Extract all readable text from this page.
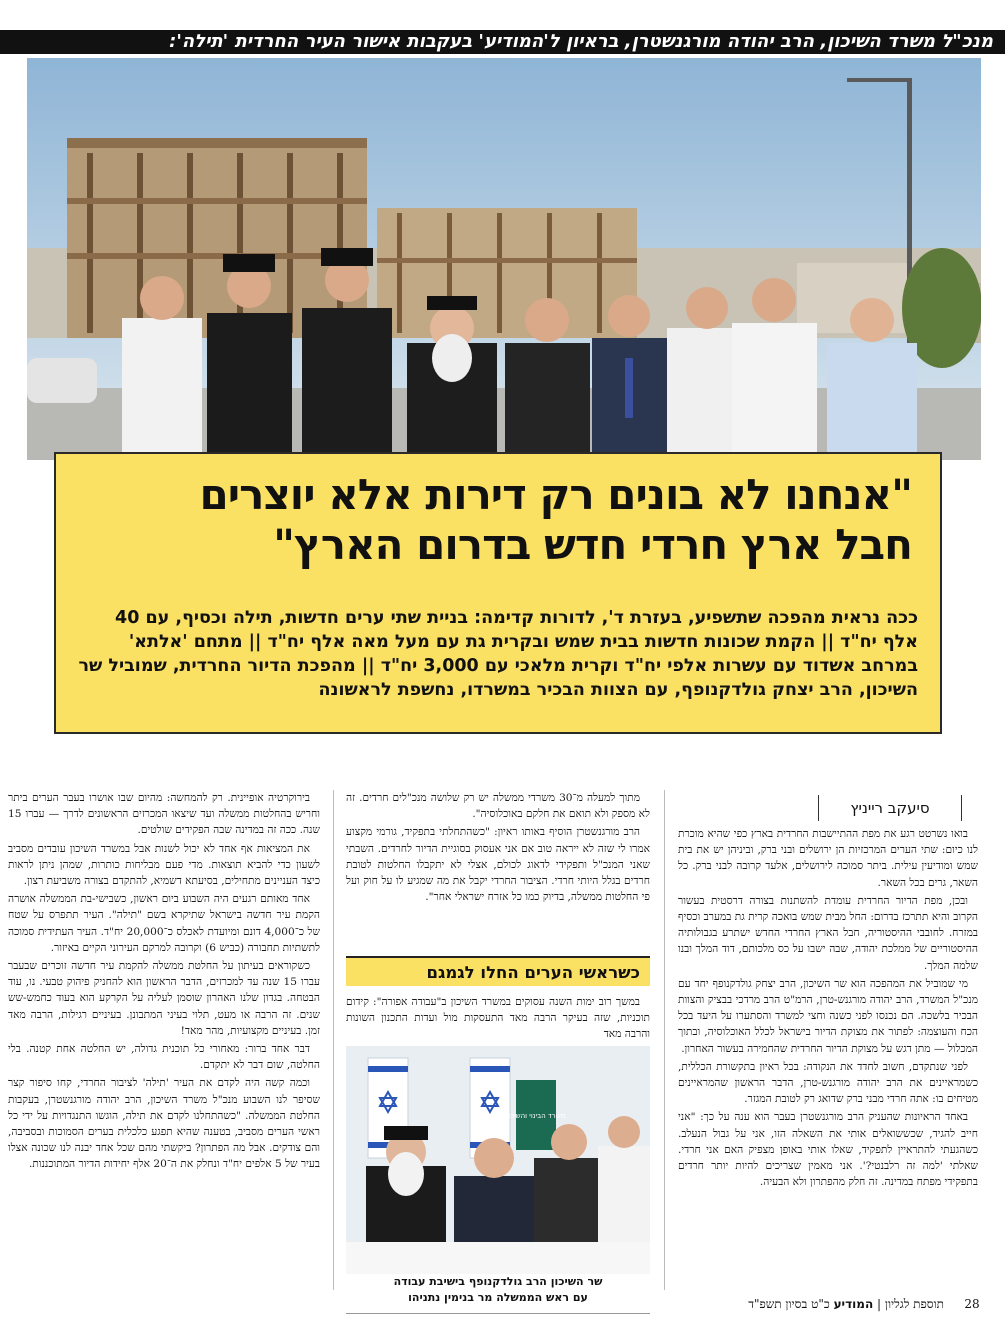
מנכ"ל משרד השיכון, הרב יהודה מורגנשטרן, בראיון ל'המודיע' בעקבות אישור העיר החרדית 'תילה':
"אנחנו לא בונים רק דירות אלא יוצרים
חבל ארץ חרדי חדש בדרום הארץ"
ככה נראית מהפכה שתשפיע, בעזרת ד', לדורות קדימה: בניית שתי ערים חדשות, תילה וכסיף, עם 40 אלף יח"ד || הקמת שכונות חדשות בבית שמש ובקרית גת עם מעל מאה אלף יח"ד || מתחם 'אלתא' במרחב אשדוד עם עשרות אלפי יח"ד וקרית מלאכי עם 3,000 יח"ד || מהפכת הדיור החרדית, שמוביל שר השיכון, הרב יצחק גולדקנופף, עם הצוות הבכיר במשרדו, נחשפת לראשונה
סיעקב רייניץ

בואו נשרטט רגע את מפת ההתיישבות החרדית בארץ כפי שהיא מוכרת לנו כיום: שתי הערים המרכזיות הן ירושלים ובני ברק, וביניהן יש את בית שמש ומודיעין עילית. ביתר סמוכה לירושלים, אלעד קרובה לבני ברק. כל השאר, גרים בכל השאר.

ובכן, מפת הדיור החרדית עומדת להשתנות בצורה דרסטית בעשור הקרוב והיא תתרכז בדרום: החל מבית שמש בואכה קרית גת במערב וכסיף במזרח. לחובבי ההיסטוריה, חבל הארץ החרדי החדש ישתרע בגבולותיה ההיסטוריים של ממלכת יהודה, שבה ישבו על כס מלכותם, דוד המלך ובנו שלמה המלך.

מי שמוביל את המהפכה הוא שר השיכון, הרב יצחק גולדקנופף יחד עם מנכ"ל המשרד, הרב יהודה מורגנש-טרן, הרמ"ט הרב מרדכי בבציק והצוות הבכיר בלשכה. הם נכנסו לפני כשנה וחצי למשרד והסתערו על היעד בכל הכח והעוצמה: לפתור את מצוקת הדיור בישראל לכלל האוכלוסיה, ובתוך המכלול — מתן דגש על מצוקת הדיור החרדית שהחמירה בעשור האחרון.

לפני שנתקדם, חשוב לחדד את הנקודה: בכל ראיון בתקשורת הכללית, כשמראיינים את הרב יהודה מורגנש-טרן, הדבר הראשון שהמראיינים מטיחים בו: אתה חרדי מבני ברק שדואג רק לטובת המגזר.

באחד הראיונות שהעניק הרב מורגנשטרן בעבר הוא ענה על כך: "אני חייב להגיד, שכששואלים אותי את השאלה הזו, אני על גבול הנעלב. כשהגעתי להתראיין לתפקיד, שאלו אותי באופן מצפיק האם אני חרדי. שאלתי 'למה זה רלבנטי?'. אני מאמין שצריכים להיות יותר חרדים בתפקידי מפתח במדינה. זה חלק מהפתרון ולא הבעיה.

מתוך למעלה מ־30 משרדי ממשלה יש רק שלושה מנכ"לים חרדים. זה לא מספק ולא תואם את חלקם באוכלוסיה".

הרב מורגנשטרן הוסיף באותו ראיון: "כשהתחלתי בתפקיד, גורמי מקצוע אמרו לי שזה לא ייראה טוב אם אני אעסוק בסוגיית הדיור לחרדים. השבתי שאני המנכ"ל ותפקידי לדאוג לכולם, אצלי לא יתקבלו החלטות לטובת חרדים בגלל היותי חרדי. הציבור החרדי יקבל את מה שמגיע לו על חוק ועל פי החלטות ממשלה, בדיוק כמו כל אזרח ישראלי אחר".

כשראשי הערים החלו לגמגם

במשך רוב ימות השנה עסוקים במשרד השיכון ב"עבודה אפורה": קידום תוכניות, שזה בעיקר הרבה מאד התעסקות מול ועדות התכנון השונות והרבה מאד

משרד הבינוי והשיכון
שר השיכון הרב גולדקנופף בישיבת עבודה
עם ראש הממשלה מר בנימין נתניהו

בירוקרטיה אופיינית. רק להמחשה: מהיום שבו אושרו בעבר הערים ביתר וחריש בהחלטות ממשלה ועד שיצאו המכרזים הראשונים לדרך — עברו 15 שנה. ככה זה במדינה שבה הפקידים שולטים.

את המציאות אף אחד לא יכול לשנות אבל במשרד השיכון עובדים מסביב לשעון כדי להביא תוצאות. מדי פעם מבליחות כותרות, שמהן ניתן לראות כיצד העניינים מתחילים, בסיעתא דשמיא, להתקדם בצורה משביעת רצון.

אחד מאותם רגעים היה השבוע ביום ראשון, כשבישי-בת הממשלה אושרה הקמת עיר חדשה בישראל שתיקרא בשם "תילה". העיר תתפרס על שטח של כ־4,000 דונם ומיועדת לאכלס כ־20,000 יח"ד. העיר העתידית סמוכה לתשתיות תחבורה (כביש 6) וקרובה למרקם העירוני הקיים באיזור.

כשקוראים בעיתון על החלטת ממשלה להקמת עיר חדשה זוכרים שבעבר עברו 15 שנה עד למכרזים, הדבר הראשון הוא להחניק פיהוק טבעי. נו, עוד הבטחה. בגדון שלנו האהרון שוסמן לעליה על הקרקע הוא בעוד כחמש-שש שנים. זה הרבה או מעט, תלוי בעיני המתבונן. בעיניים רגילות, הרבה מאד זמן. בעיניים מקצועיות, מהר מאד!

דבר אחד ברור: מאחורי כל תוכנית גדולה, יש החלטה אחת קטנה. בלי החלטה, שום דבר לא יתקדם.

וכמה קשה היה לקדם את העיר 'תילה' לציבור החרדי, קחו סיפור קצר שסיפר לנו השבוע מנכ"ל משרד השיכון, הרב יהודה מורגנשטרן, בעקבות החלטת הממשלה. "כשהתחלנו לקדם את תילה, הוגשו התנגדויות על ידי כל ראשי הערים מסביב, בטענה שהיא תפגע כלכלית בערים הסמוכות ובסביבה, והם צודקים. אבל מה הפתרון? ביקשתי מהם שכל אחד יבנה לנו שכונה אצלו בעיר של 5 אלפים יח"ד ונחלק את ה־20 אלף יחידות הדיור המתוכננות.

28
תוספת לגליון | המודיע כ"ט בסיון תשפ"ד
